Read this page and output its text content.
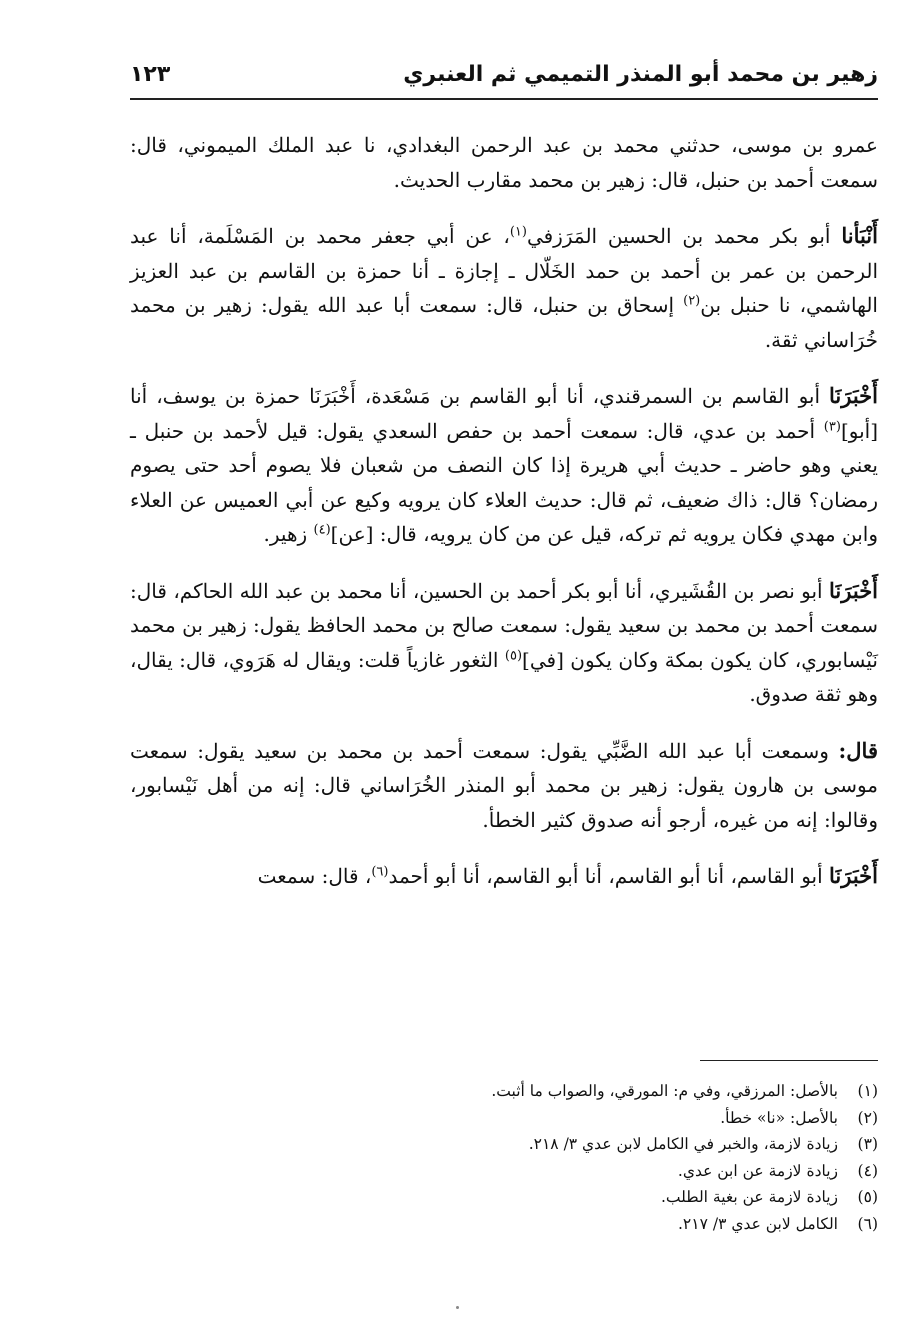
زهير بن محمد أبو المنذر التميمي ثم العنبري
١٢٣

عمرو بن موسى، حدثني محمد بن عبد الرحمن البغدادي، نا عبد الملك الميموني، قال: سمعت أحمد بن حنبل، قال: زهير بن محمد مقارب الحديث.

أَنْبَأنا أبو بكر محمد بن الحسين المَرَزفي$^{(١)}$، عن أبي جعفر محمد بن المَسْلَمة، أنا عبد الرحمن بن عمر بن أحمد بن حمد الخَلّال ـ إجازة ـ أنا حمزة بن القاسم بن عبد العزيز الهاشمي، نا حنبل بن$^{(٢)}$ إسحاق بن حنبل، قال: سمعت أبا عبد الله يقول: زهير بن محمد خُرَاساني ثقة.

أَخْبَرَنَا أبو القاسم بن السمرقندي، أنا أبو القاسم بن مَسْعَدة، أَخْبَرَنَا حمزة بن يوسف، أنا [أبو]$^{(٣)}$ أحمد بن عدي، قال: سمعت أحمد بن حفص السعدي يقول: قيل لأحمد بن حنبل ـ يعني وهو حاضر ـ حديث أبي هريرة إذا كان النصف من شعبان فلا يصوم أحد حتى يصوم رمضان؟ قال: ذاك ضعيف، ثم قال: حديث العلاء كان يرويه وكيع عن أبي العميس عن العلاء وابن مهدي فكان يرويه ثم تركه، قيل عن من كان يرويه، قال: [عن]$^{(٤)}$ زهير.

أَخْبَرَنَا أبو نصر بن القُشَيري، أنا أبو بكر أحمد بن الحسين، أنا محمد بن عبد الله الحاكم، قال: سمعت أحمد بن محمد بن سعيد يقول: سمعت صالح بن محمد الحافظ يقول: زهير بن محمد نَيْسابوري، كان يكون بمكة وكان يكون [في]$^{(٥)}$ الثغور غازياً قلت: ويقال له هَرَوي، قال: يقال، وهو ثقة صدوق.

قال: وسمعت أبا عبد الله الضَّبِّي يقول: سمعت أحمد بن محمد بن سعيد يقول: سمعت موسى بن هارون يقول: زهير بن محمد أبو المنذر الخُرَاساني قال: إنه من أهل نَيْسابور، وقالوا: إنه من غيره، أرجو أنه صدوق كثير الخطأ.

أَخْبَرَنَا أبو القاسم، أنا أبو القاسم، أنا أبو القاسم، أنا أبو أحمد$^{(٦)}$، قال: سمعت

(١)بالأصل: المرزقي، وفي م: المورقي، والصواب ما أثبت.
(٢)بالأصل: «نا» خطأ.
(٣)زيادة لازمة، والخبر في الكامل لابن عدي ٣/ ٢١٨.
(٤)زيادة لازمة عن ابن عدي.
(٥)زيادة لازمة عن بغية الطلب.
(٦)الكامل لابن عدي ٣/ ٢١٧.
